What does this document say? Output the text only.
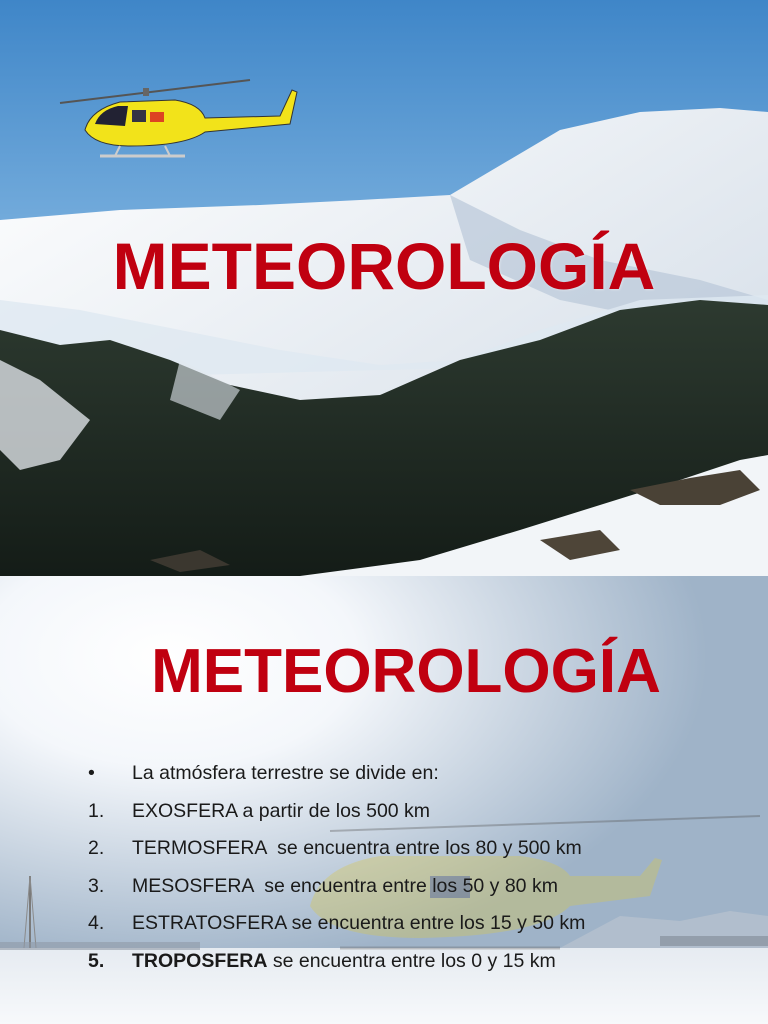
METEOROLOGÍA
METEOROLOGÍA
•	La atmósfera terrestre se divide en:
1.	EXOSFERA a partir de los 500 km
2.	TERMOSFERA  se encuentra entre los 80 y 500 km
3.	MESOSFERA  se encuentra entre los 50 y 80 km
4.	ESTRATOSFERA se encuentra entre los 15 y 50 km
5.	TROPOSFERA se encuentra entre los 0 y 15 km
